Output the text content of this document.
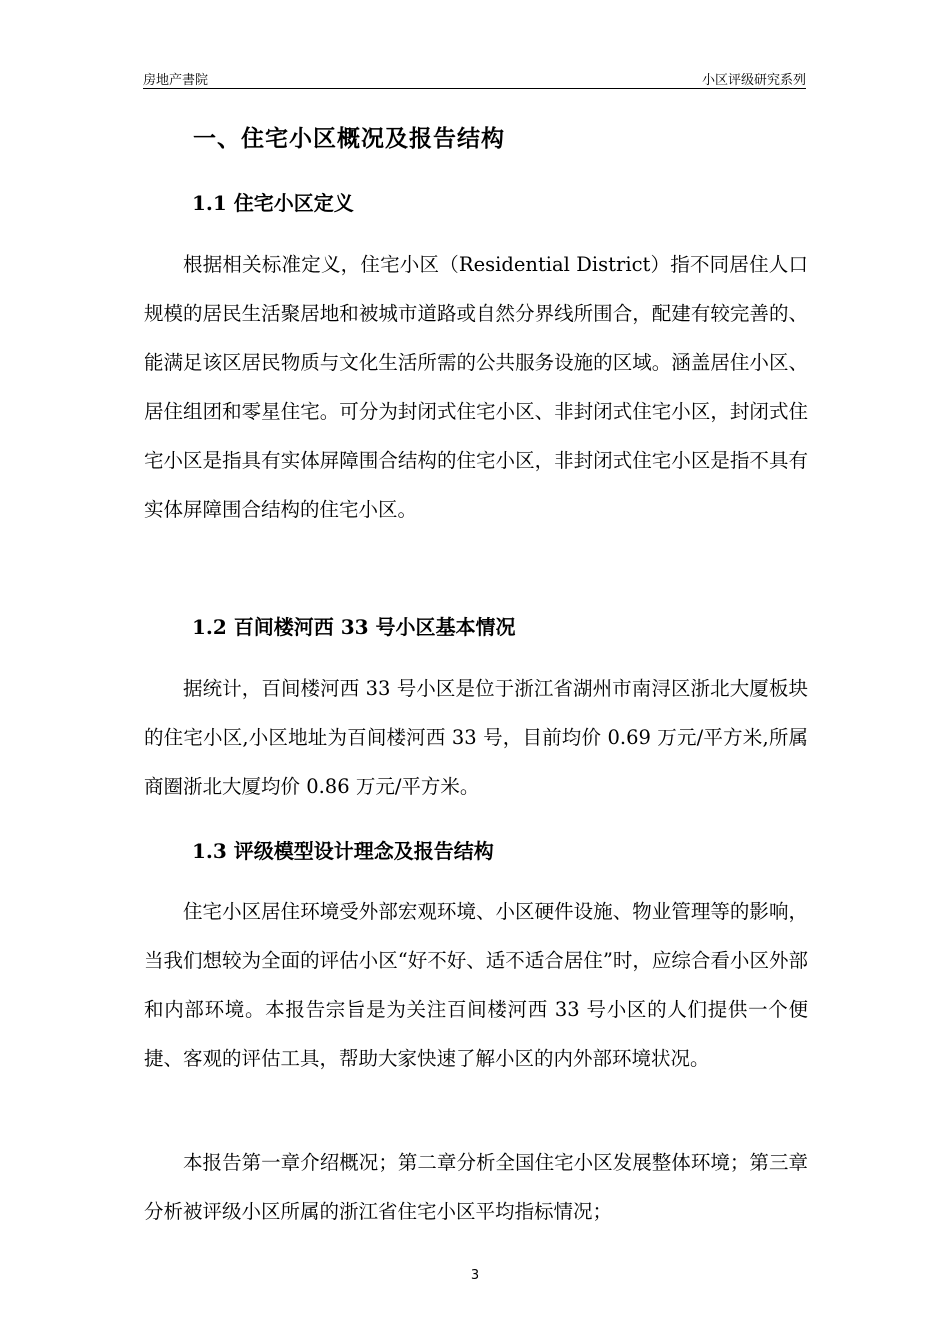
房地产書院	小区评级研究系列
一、住宅小区概况及报告结构
1.1 住宅小区定义
根据相关标准定义，住宅小区（Residential District）指不同居住人口规模的居民生活聚居地和被城市道路或自然分界线所围合，配建有较完善的、能满足该区居民物质与文化生活所需的公共服务设施的区域。涵盖居住小区、居住组团和零星住宅。可分为封闭式住宅小区、非封闭式住宅小区，封闭式住宅小区是指具有实体屏障围合结构的住宅小区，非封闭式住宅小区是指不具有实体屏障围合结构的住宅小区。
1.2 百间楼河西 33 号小区基本情况
据统计，百间楼河西 33 号小区是位于浙江省湖州市南浔区浙北大厦板块的住宅小区,小区地址为百间楼河西 33 号，目前均价 0.69 万元/平方米,所属商圈浙北大厦均价 0.86 万元/平方米。
1.3 评级模型设计理念及报告结构
住宅小区居住环境受外部宏观环境、小区硬件设施、物业管理等的影响，当我们想较为全面的评估小区“好不好、适不适合居住”时，应综合看小区外部和内部环境。本报告宗旨是为关注百间楼河西 33 号小区的人们提供一个便捷、客观的评估工具，帮助大家快速了解小区的内外部环境状况。
本报告第一章介绍概况；第二章分析全国住宅小区发展整体环境；第三章分析被评级小区所属的浙江省住宅小区平均指标情况；
3
